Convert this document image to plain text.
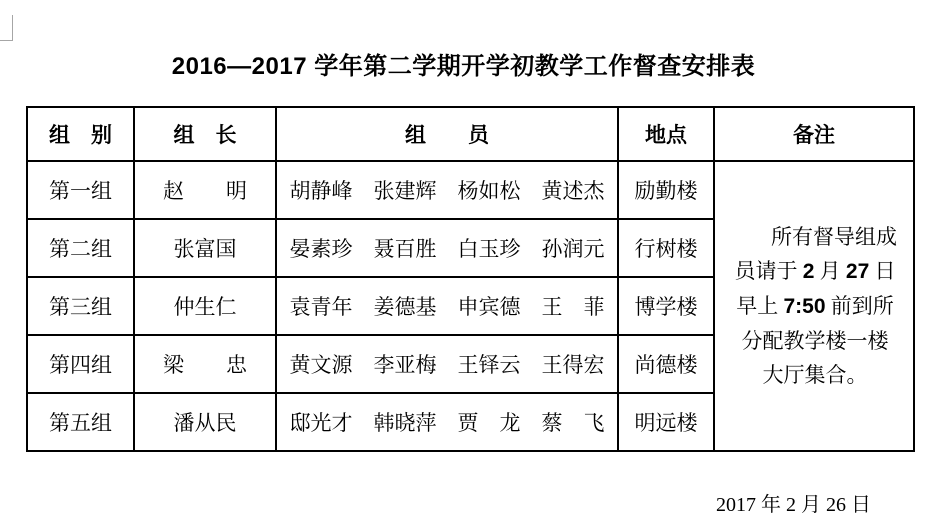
2016—2017 学年第二学期开学初教学工作督查安排表
组　别	组　长	组　　员	地点	备注
第一组	赵　　明	胡静峰　张建辉　杨如松　黄述杰	励勤楼	所有督导组成
员请于 2 月 27 日
早上 7:50 前到所
分配教学楼一楼
大厅集合。

第二组	张富国	晏素珍　聂百胜　白玉珍　孙润元	行树楼	
第三组	仲生仁	袁青年　姜德基　申宾德　王　菲	博学楼	
第四组	梁　　忠	黄文源　李亚梅　王铎云　王得宏	尚德楼	
第五组	潘从民	邸光才　韩晓萍　贾　龙　蔡　飞	明远楼	
2017 年 2 月 26 日
